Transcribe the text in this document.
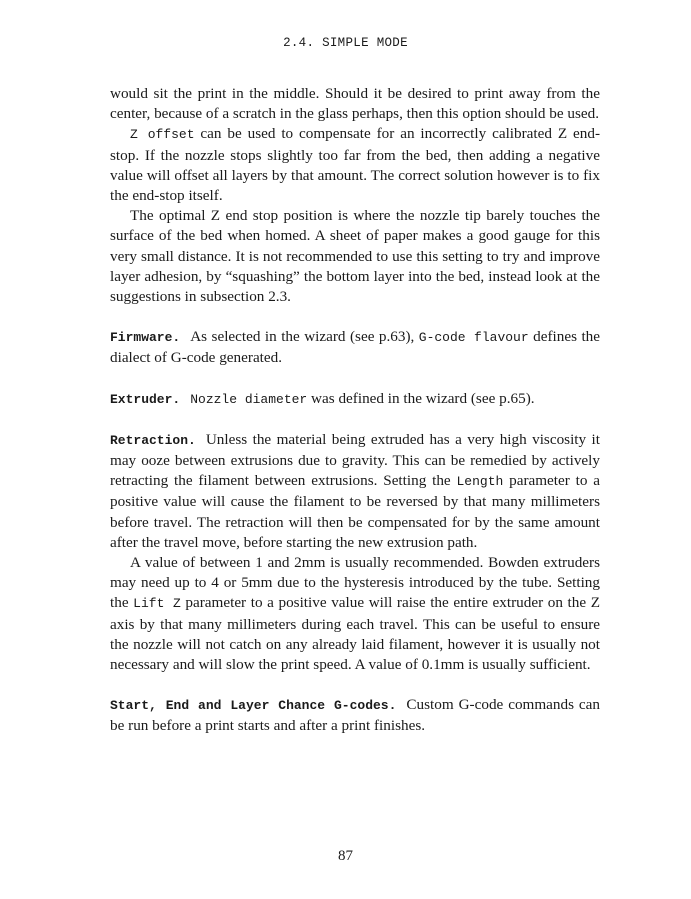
2.4. SIMPLE MODE

would sit the print in the middle. Should it be desired to print away from the center, because of a scratch in the glass perhaps, then this option should be used.

Z offset can be used to compensate for an incorrectly calibrated Z end-stop. If the nozzle stops slightly too far from the bed, then adding a negative value will offset all layers by that amount. The correct solution however is to fix the end-stop itself.

The optimal Z end stop position is where the nozzle tip barely touches the surface of the bed when homed. A sheet of paper makes a good gauge for this very small distance. It is not recommended to use this setting to try and improve layer adhesion, by “squashing” the bottom layer into the bed, instead look at the suggestions in subsection 2.3.

Firmware. As selected in the wizard (see p.63), G-code flavour defines the dialect of G-code generated.

Extruder. Nozzle diameter was defined in the wizard (see p.65).

Retraction. Unless the material being extruded has a very high viscosity it may ooze between extrusions due to gravity. This can be remedied by actively retracting the filament between extrusions. Setting the Length parameter to a positive value will cause the filament to be reversed by that many millimeters before travel. The retraction will then be compensated for by the same amount after the travel move, before starting the new extrusion path.

A value of between 1 and 2mm is usually recommended. Bowden extruders may need up to 4 or 5mm due to the hysteresis introduced by the tube. Setting the Lift Z parameter to a positive value will raise the entire extruder on the Z axis by that many millimeters during each travel. This can be useful to ensure the nozzle will not catch on any already laid filament, however it is usually not necessary and will slow the print speed. A value of 0.1mm is usually sufficient.

Start, End and Layer Chance G-codes. Custom G-code commands can be run before a print starts and after a print finishes.

87
